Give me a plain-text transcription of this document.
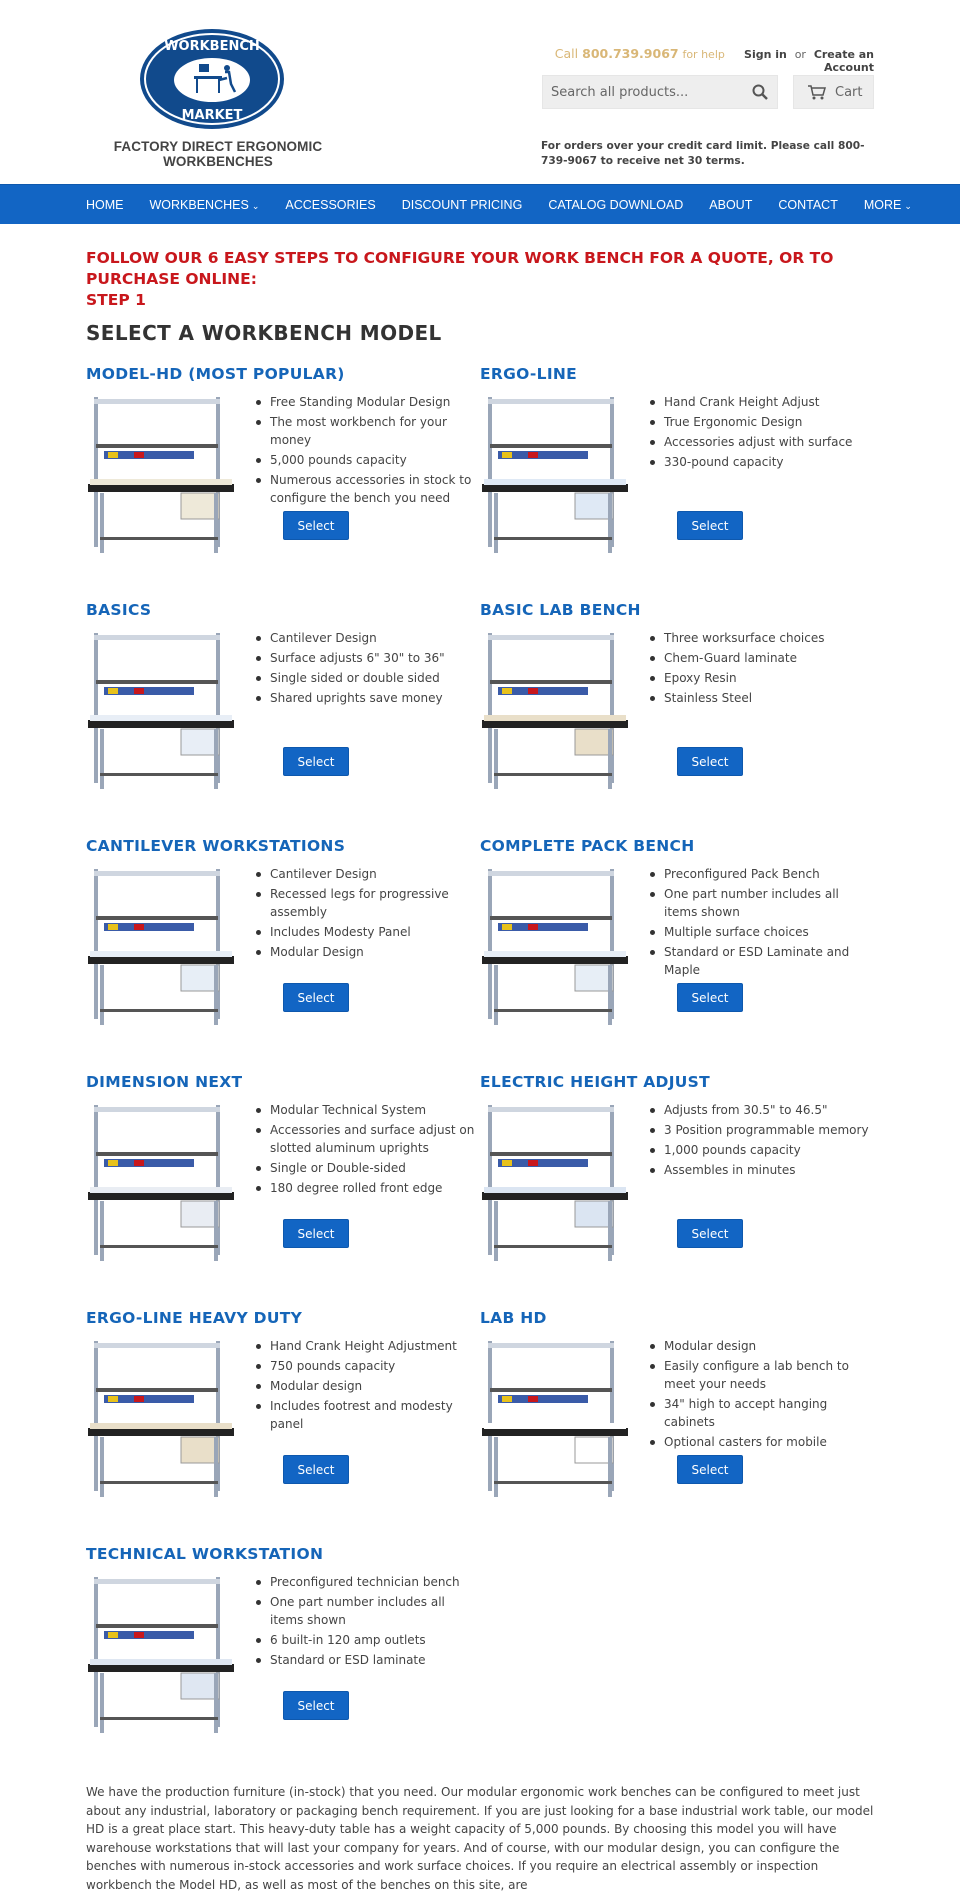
WORKBENCH
MARKET
FACTORY DIRECT ERGONOMIC WORKBENCHES
Call 800.739.9067 for help Sign in or Create an Account
Search all products...	Cart
For orders over your credit card limit. Please call 800-739-9067 to receive net 30 terms.
HOME WORKBENCHES ⌄ ACCESSORIES DISCOUNT PRICING CATALOG DOWNLOAD ABOUT CONTACT MORE ⌄
FOLLOW OUR 6 EASY STEPS TO CONFIGURE YOUR WORK BENCH FOR A QUOTE, OR TO PURCHASE ONLINE:
STEP 1
SELECT A WORKBENCH MODEL
MODEL-HD (MOST POPULAR)
Free Standing Modular Design
The most workbench for your money
5,000 pounds capacity
Numerous accessories in stock to configure the bench you need
Select
ERGO-LINE
Hand Crank Height Adjust
True Ergonomic Design
Accessories adjust with surface
330-pound capacity
Select
BASICS
Cantilever Design
Surface adjusts 6" 30" to 36"
Single sided or double sided
Shared uprights save money
Select
BASIC LAB BENCH
Three worksurface choices
Chem-Guard laminate
Epoxy Resin
Stainless Steel
Select
CANTILEVER WORKSTATIONS
Cantilever Design
Recessed legs for progressive assembly
Includes Modesty Panel
Modular Design
Select
COMPLETE PACK BENCH
Preconfigured Pack Bench
One part number includes all items shown
Multiple surface choices
Standard or ESD Laminate and Maple
Select
DIMENSION NEXT
Modular Technical System
Accessories and surface adjust on slotted aluminum uprights
Single or Double-sided
180 degree rolled front edge
Select
ELECTRIC HEIGHT ADJUST
Adjusts from 30.5" to 46.5"
3 Position programmable memory
1,000 pounds capacity
Assembles in minutes
Select
ERGO-LINE HEAVY DUTY
Hand Crank Height Adjustment
750 pounds capacity
Modular design
Includes footrest and modesty panel
Select
LAB HD
Modular design
Easily configure a lab bench to meet your needs
34" high to accept hanging cabinets
Optional casters for mobile
Select
TECHNICAL WORKSTATION
Preconfigured technician bench
One part number includes all items shown
6 built-in 120 amp outlets
Standard or ESD laminate
Select
We have the production furniture (in-stock) that you need. Our modular ergonomic work benches can be configured to meet just about any industrial, laboratory or packaging bench requirement. If you are just looking for a base industrial work table, our model HD is a great place start. This heavy-duty table has a weight capacity of 5,000 pounds. By choosing this model you will have warehouse workstations that will last your company for years. And of course, with our modular design, you can configure the benches with numerous in-stock accessories and work surface choices. If you require an electrical assembly or inspection workbench the Model HD, as well as most of the benches on this site, are
